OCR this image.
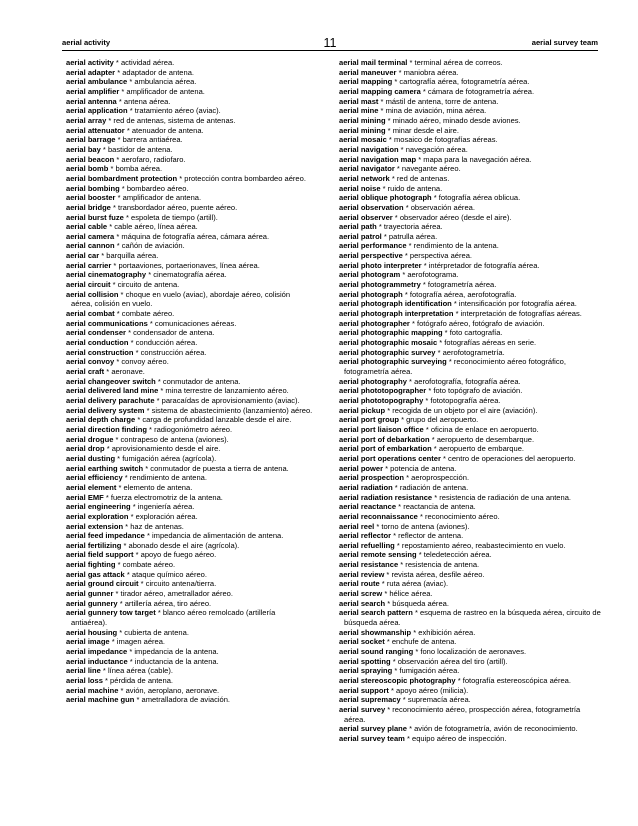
aerial activity	11	aerial survey team
aerial activity * actividad aérea.
aerial adapter * adaptador de antena.
aerial ambulance * ambulancia aérea.
aerial amplifier * amplificador de antena.
aerial antenna * antena aérea.
aerial application * tratamiento aéreo (aviac).
aerial array * red de antenas, sistema de antenas.
aerial attenuator * atenuador de antena.
aerial barrage * barrera antiaérea.
aerial bay * bastidor de antena.
aerial beacon * aerofaro, radiofaro.
aerial bomb * bomba aérea.
aerial bombardment protection * protección contra bombardeo aéreo.
aerial bombing * bombardeo aéreo.
aerial booster * amplificador de antena.
aerial bridge * transbordador aéreo, puente aéreo.
aerial burst fuze * espoleta de tiempo (artill).
aerial cable * cable aéreo, línea aérea.
aerial camera * máquina de fotografía aérea, cámara aérea.
aerial cannon * cañón de aviación.
aerial car * barquilla aérea.
aerial carrier * portaaviones, portaerionaves, línea aérea.
aerial cinematography * cinematografía aérea.
aerial circuit * circuito de antena.
aerial collision * choque en vuelo (aviac), abordaje aéreo, colisión aérea, colisión en vuelo.
aerial combat * combate aéreo.
aerial communications * comunicaciones aéreas.
aerial condenser * condensador de antena.
aerial conduction * conducción aérea.
aerial construction * construcción aérea.
aerial convoy * convoy aéreo.
aerial craft * aeronave.
aerial changeover switch * conmutador de antena.
aerial delivered land mine * mina terrestre de lanzamiento aéreo.
aerial delivery parachute * paracaídas de aprovisionamiento (aviac).
aerial delivery system * sistema de abastecimiento (lanzamiento) aéreo.
aerial depth charge * carga de profundidad lanzable desde el aire.
aerial direction finding * radiogoniómetro aéreo.
aerial drogue * contrapeso de antena (aviones).
aerial drop * aprovisionamiento desde el aire.
aerial dusting * fumigación aérea (agrícola).
aerial earthing switch * conmutador de puesta a tierra de antena.
aerial efficiency * rendimiento de antena.
aerial element * elemento de antena.
aerial EMF * fuerza electromotriz de la antena.
aerial engineering * ingeniería aérea.
aerial exploration * exploración aérea.
aerial extension * haz de antenas.
aerial feed impedance * impedancia de alimentación de antena.
aerial fertilizing * abonado desde el aire (agrícola).
aerial field support * apoyo de fuego aéreo.
aerial fighting * combate aéreo.
aerial gas attack * ataque químico aéreo.
aerial ground circuit * circuito antena/tierra.
aerial gunner * tirador aéreo, ametrallador aéreo.
aerial gunnery * artillería aérea, tiro aéreo.
aerial gunnery tow target * blanco aéreo remolcado (artillería antiaérea).
aerial housing * cubierta de antena.
aerial image * imagen aérea.
aerial impedance * impedancia de la antena.
aerial inductance * inductancia de la antena.
aerial line * línea aérea (cable).
aerial loss * pérdida de antena.
aerial machine * avión, aeroplano, aeronave.
aerial machine gun * ametralladora de aviación.
aerial mail terminal * terminal aérea de correos.
aerial maneuver * maniobra aérea.
aerial mapping * cartografía aérea, fotogrametría aérea.
aerial mapping camera * cámara de fotogrametría aérea.
aerial mast * mástil de antena, torre de antena.
aerial mine * mina de aviación, mina aérea.
aerial mining * minado aéreo, minado desde aviones.
aerial mining * minar desde el aire.
aerial mosaic * mosaico de fotografías aéreas.
aerial navigation * navegación aérea.
aerial navigation map * mapa para la navegación aérea.
aerial navigator * navegante aéreo.
aerial network * red de antenas.
aerial noise * ruido de antena.
aerial oblique photograph * fotografía aérea oblicua.
aerial observation * observación aérea.
aerial observer * observador aéreo (desde el aire).
aerial path * trayectoria aérea.
aerial patrol * patrulla aérea.
aerial performance * rendimiento de la antena.
aerial perspective * perspectiva aérea.
aerial photo interpreter * intérpretador de fotografía aérea.
aerial photogram * aerofotograma.
aerial photogrammetry * fotogrametría aérea.
aerial photograph * fotografía aérea, aerofotografía.
aerial photograph identification * intensificación por fotografía aérea.
aerial photograph interpretation * interpretación de fotografías aéreas.
aerial photographer * fotógrafo aéreo, fotógrafo de aviación.
aerial photographic mapping * foto cartografía.
aerial photographic mosaic * fotografías aéreas en serie.
aerial photographic survey * aerofotogrametría.
aerial photographic surveying * reconocimiento aéreo fotográfico, fotogrametría aérea.
aerial photography * aerofotografía, fotografía aérea.
aerial phototopographer * foto topógrafo de aviación.
aerial phototopography * fototopografía aérea.
aerial pickup * recogida de un objeto por el aire (aviación).
aerial port group * grupo del aeropuerto.
aerial port liaison office * oficina de enlace en aeropuerto.
aerial port of debarkation * aeropuerto de desembarque.
aerial port of embarkation * aeropuerto de embarque.
aerial port operations center * centro de operaciones del aeropuerto.
aerial power * potencia de antena.
aerial prospection * aeroprospección.
aerial radiation * radiación de antena.
aerial radiation resistance * resistencia de radiación de una antena.
aerial reactance * reactancia de antena.
aerial reconnaissance * reconocimiento aéreo.
aerial reel * torno de antena (aviones).
aerial reflector * reflector de antena.
aerial refuelling * repostamiento aéreo, reabastecimiento en vuelo.
aerial remote sensing * teledetección aérea.
aerial resistance * resistencia de antena.
aerial review * revista aérea, desfile aéreo.
aerial route * ruta aérea (aviac).
aerial screw * hélice aérea.
aerial search * búsqueda aérea.
aerial search pattern * esquema de rastreo en la búsqueda aérea, circuito de búsqueda aérea.
aerial showmanship * exhibición aérea.
aerial socket * enchufe de antena.
aerial sound ranging * fono localización de aeronaves.
aerial spotting * observación aérea del tiro (artill).
aerial spraying * fumigación aérea.
aerial stereoscopic photography * fotografía estereoscópica aérea.
aerial support * apoyo aéreo (milicia).
aerial supremacy * supremacía aérea.
aerial survey * reconocimiento aéreo, prospección aérea, fotogrametría aérea.
aerial survey plane * avión de fotogrametría, avión de reconocimiento.
aerial survey team * equipo aéreo de inspección.
